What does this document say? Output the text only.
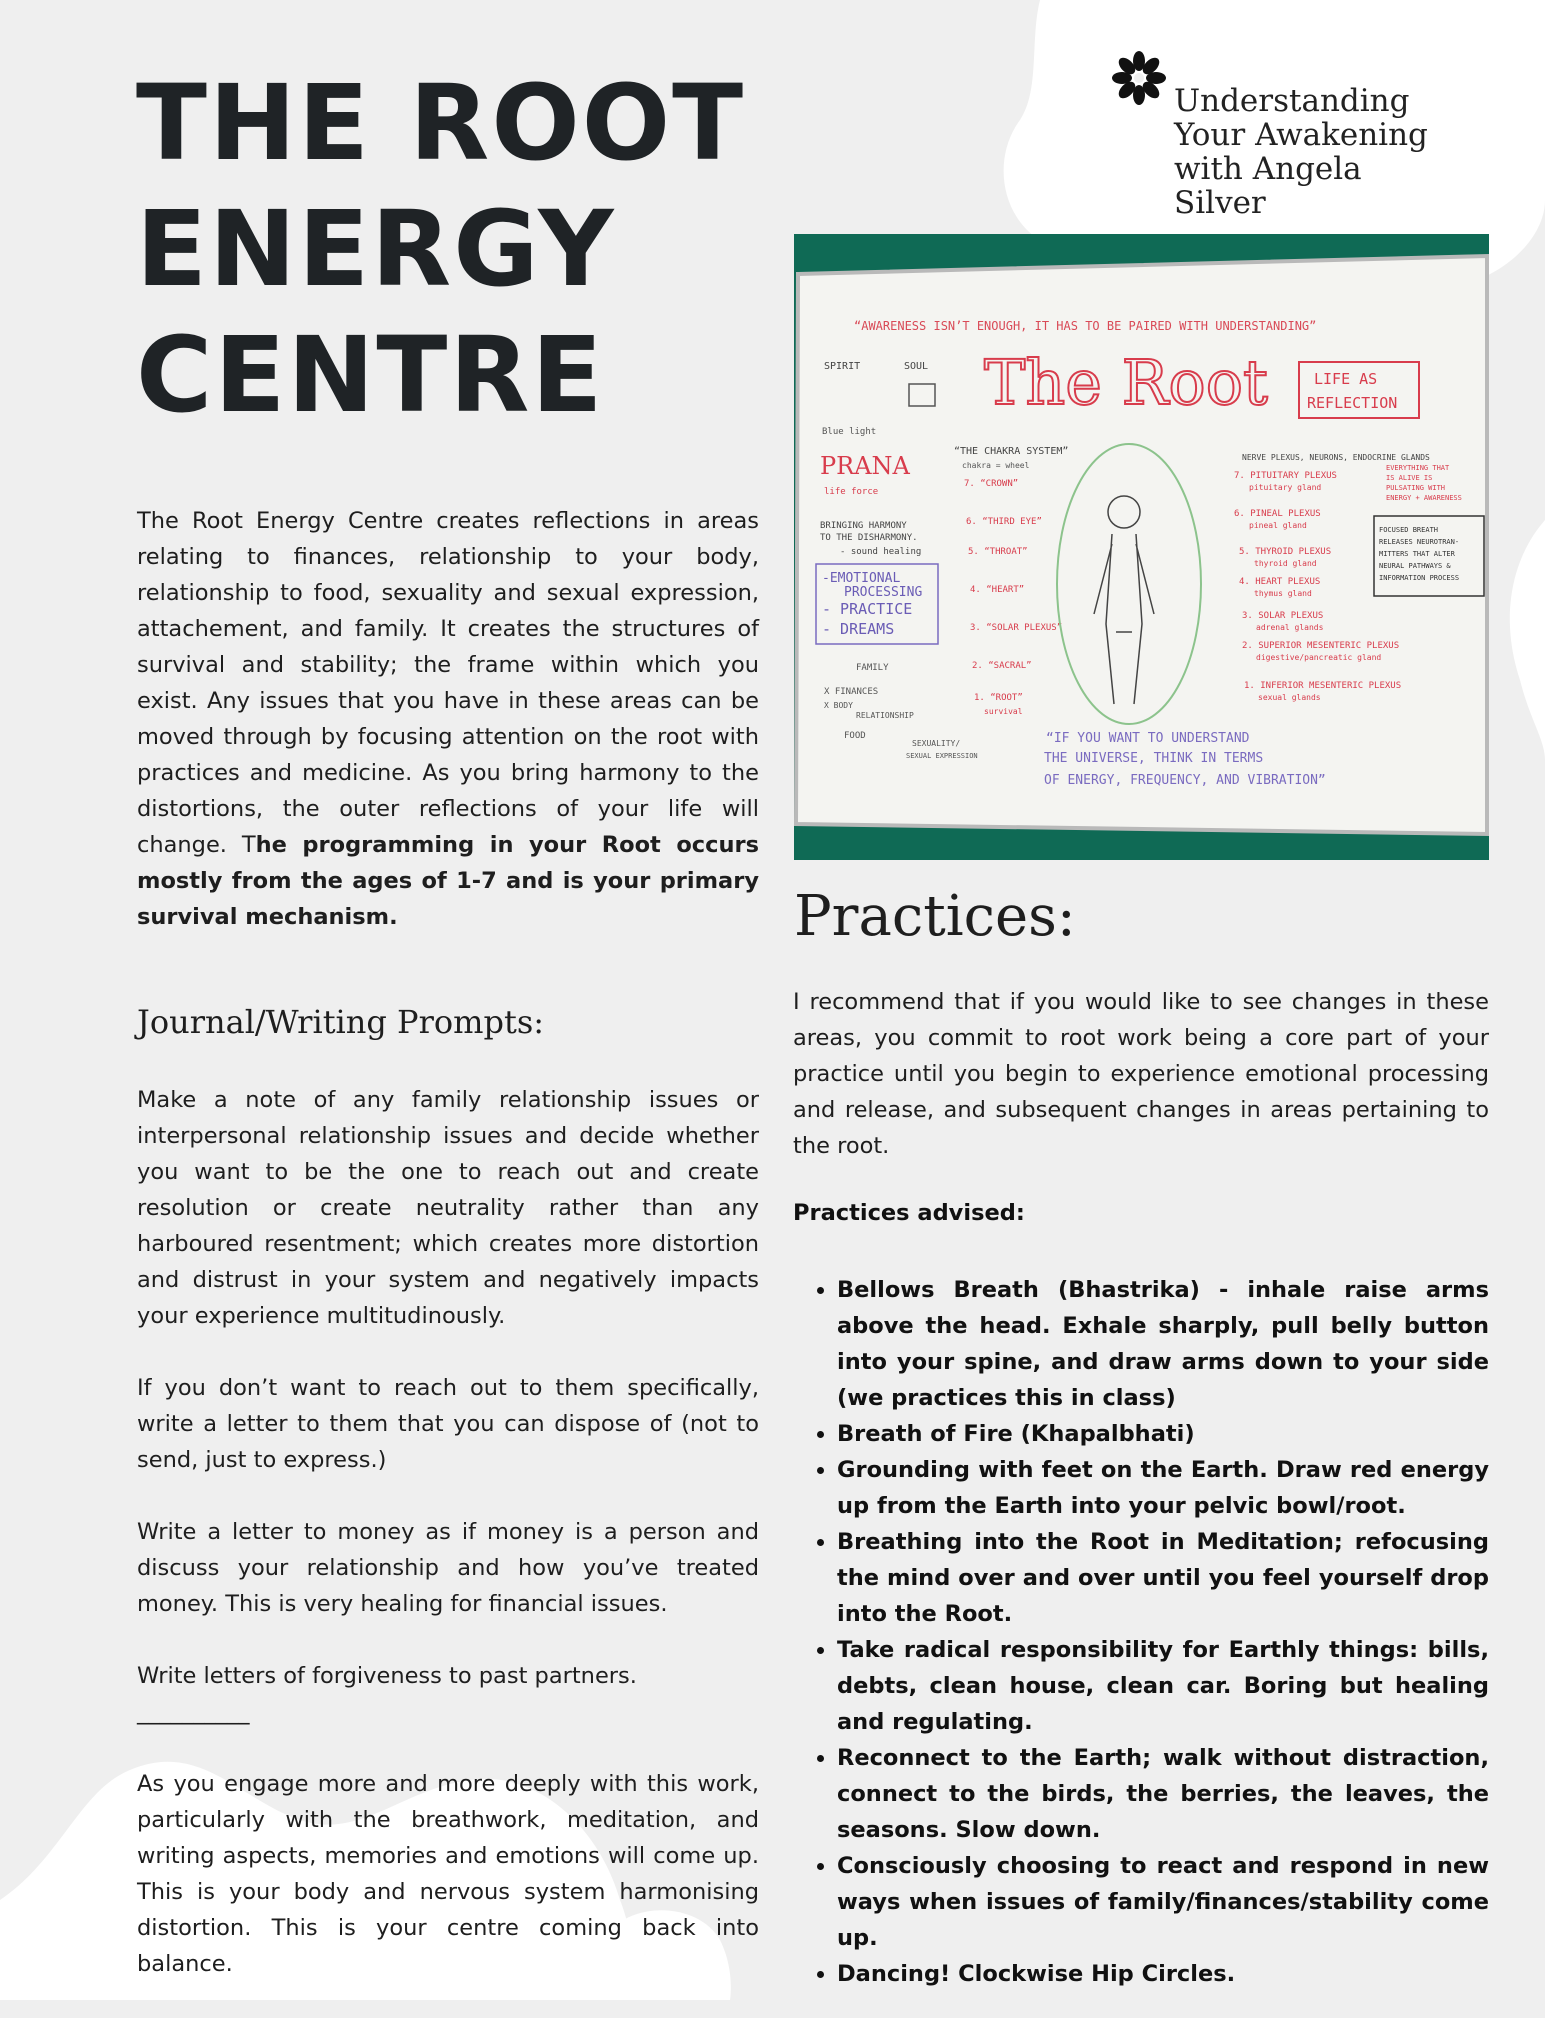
THE ROOT
ENERGY
CENTRE
Understanding
Your Awakening
with Angela
Silver
The Root Energy Centre creates reflections in areas relating to finances, relationship to your body, relationship to food, sexuality and sexual expression, attachement, and family. It creates the structures of survival and stability; the frame within which you exist. Any issues that you have in these areas can be moved through by focusing attention on the root with practices and medicine. As you bring harmony to the distortions, the outer reflections of your life will change. The programming in your Root occurs mostly from the ages of 1-7 and is your primary survival mechanism.
Journal/Writing Prompts:

Make a note of any family relationship issues or interpersonal relationship issues and decide whether you want to be the one to reach out and create resolution or create neutrality rather than any harboured resentment; which creates more distortion and distrust in your system and negatively impacts your experience multitudinously.

If you don’t want to reach out to them specifically, write a letter to them that you can dispose of (not to send, just to express.)

Write a letter to money as if money is a person and discuss your relationship and how you’ve treated money. This is very healing for financial issues.

Write letters of forgiveness to past partners.

__________

As you engage more and more deeply with this work, particularly with the breathwork, meditation, and writing aspects, memories and emotions will come up. This is your body and nervous system harmonising distortion. This is your centre coming back into balance.

“AWARENESS ISN’T ENOUGH, IT HAS TO BE PAIRED WITH UNDERSTANDING”
The Root	LIFE AS
REFLECTION
SPIRIT	SOUL
Blue light
PRANA
life force
“THE CHAKRA SYSTEM”
chakra = wheel
BRINGING HARMONY
TO THE DISHARMONY.
- sound healing
-EMOTIONAL
PROCESSING
- PRACTICE
- DREAMS
FAMILY
X FINANCES
X BODY
RELATIONSHIP
FOOD
SEXUALITY/
SEXUAL EXPRESSION
7. “CROWN”
6. “THIRD EYE”
5. “THROAT”
4. “HEART”
3. “SOLAR PLEXUS”
2. “SACRAL”
1. “ROOT”
survival
NERVE PLEXUS, NEURONS, ENDOCRINE GLANDS
7. PITUITARY PLEXUS
pituitary gland
6. PINEAL PLEXUS
pineal gland
5. THYROID PLEXUS
thyroid gland
4. HEART PLEXUS
thymus gland
3. SOLAR PLEXUS
adrenal glands
2. SUPERIOR MESENTERIC PLEXUS
digestive/pancreatic gland
1. INFERIOR MESENTERIC PLEXUS
sexual glands
EVERYTHING THAT
IS ALIVE IS
PULSATING WITH
ENERGY + AWARENESS
FOCUSED BREATH
RELEASES NEUROTRAN-
MITTERS THAT ALTER
NEURAL PATHWAYS &
INFORMATION PROCESS
“IF YOU WANT TO UNDERSTAND
THE UNIVERSE, THINK IN TERMS
OF ENERGY, FREQUENCY, AND VIBRATION”
Practices:
I recommend that if you would like to see changes in these areas, you commit to root work being a core part of your practice until you begin to experience emotional processing and release, and subsequent changes in areas pertaining to the root.
Practices advised:
• Bellows Breath (Bhastrika) - inhale raise arms above the head. Exhale sharply, pull belly button into your spine, and draw arms down to your side (we practices this in class)
• Breath of Fire (Khapalbhati)
• Grounding with feet on the Earth. Draw red energy up from the Earth into your pelvic bowl/root.
• Breathing into the Root in Meditation; refocusing the mind over and over until you feel yourself drop into the Root.
• Take radical responsibility for Earthly things: bills, debts, clean house, clean car. Boring but healing and regulating.
• Reconnect to the Earth; walk without distraction, connect to the birds, the berries, the leaves, the seasons. Slow down.
• Consciously choosing to react and respond in new ways when issues of family/finances/stability come up.
• Dancing! Clockwise Hip Circles.
